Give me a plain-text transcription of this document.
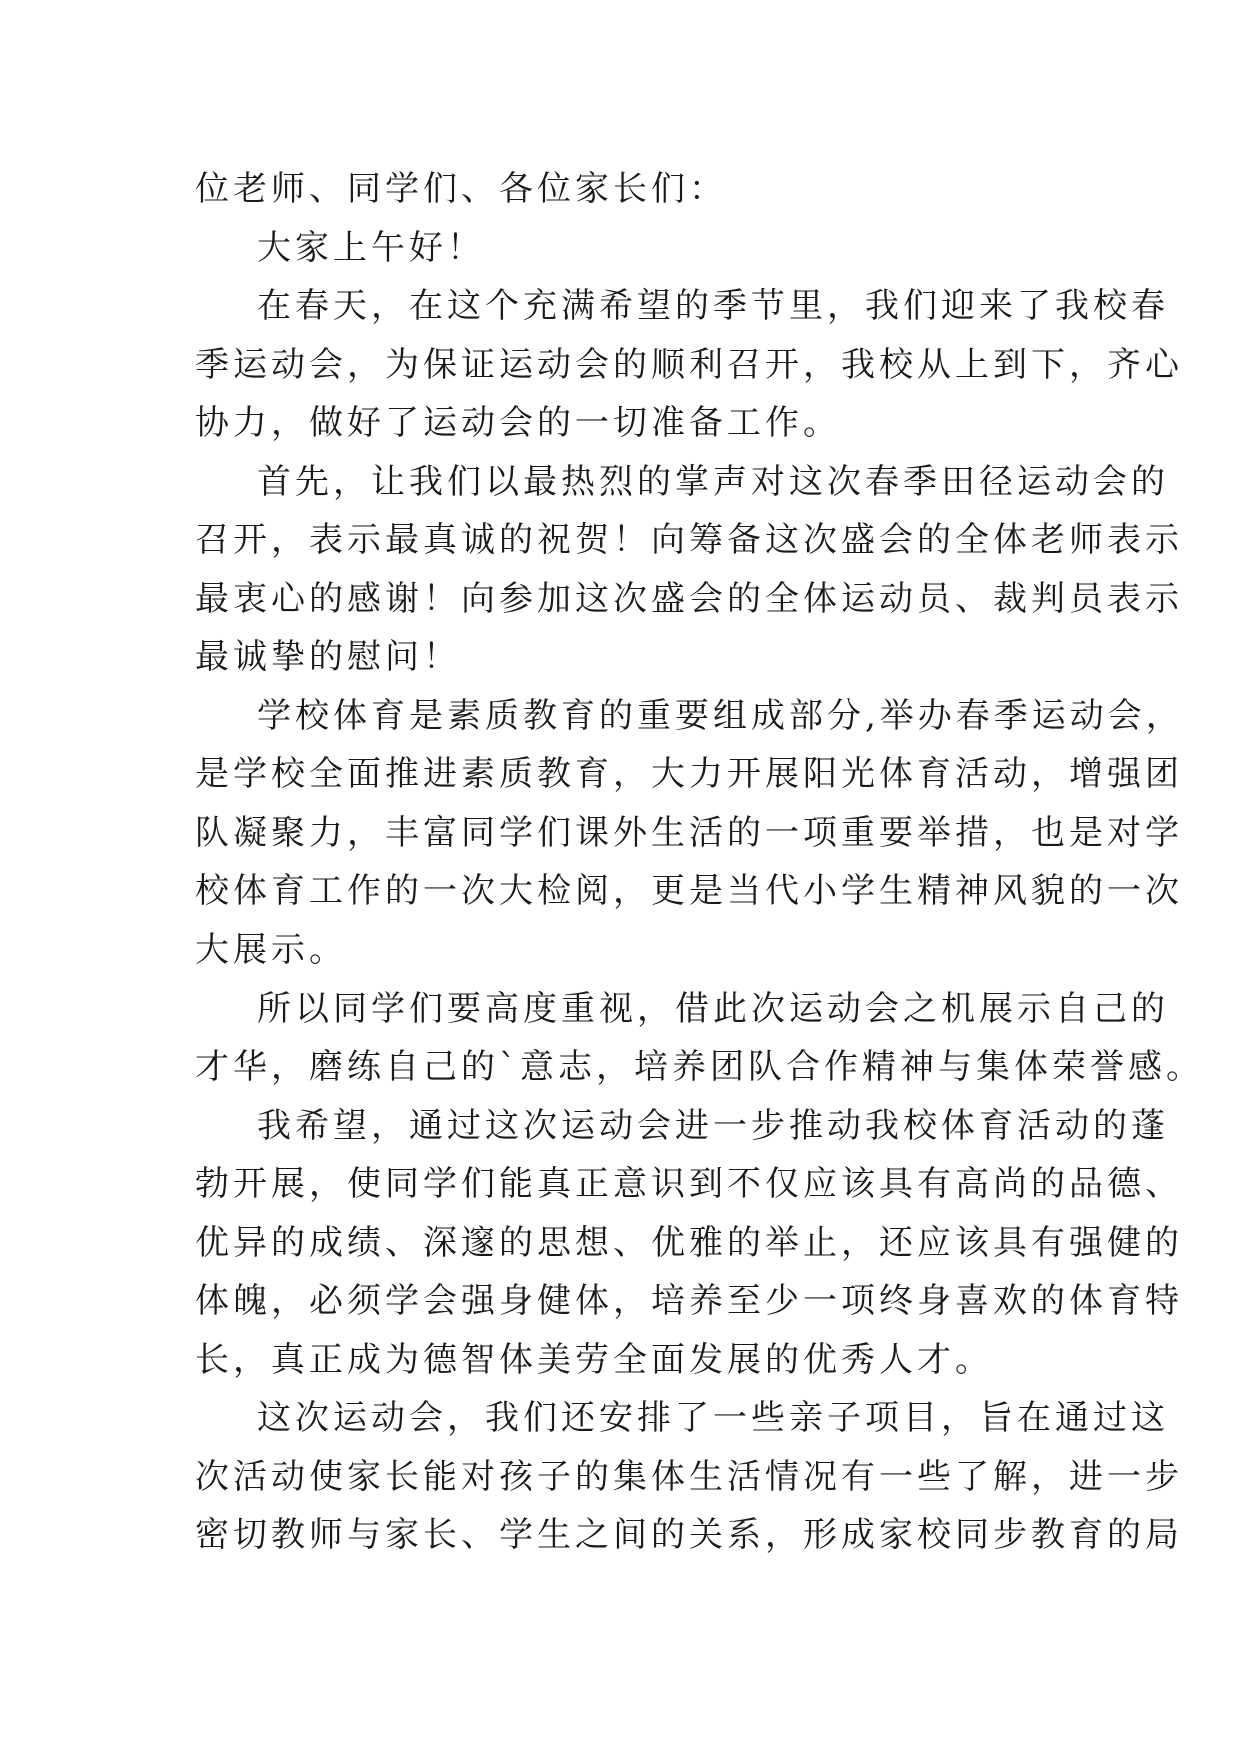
位老师、同学们、各位家长们：
大家上午好！
在春天，在这个充满希望的季节里，我们迎来了我校春
季运动会，为保证运动会的顺利召开，我校从上到下，齐心
协力，做好了运动会的一切准备工作。
首先，让我们以最热烈的掌声对这次春季田径运动会的
召开，表示最真诚的祝贺！向筹备这次盛会的全体老师表示
最衷心的感谢！向参加这次盛会的全体运动员、裁判员表示
最诚挚的慰问！
学校体育是素质教育的重要组成部分,举办春季运动会，
是学校全面推进素质教育，大力开展阳光体育活动，增强团
队凝聚力，丰富同学们课外生活的一项重要举措，也是对学
校体育工作的一次大检阅，更是当代小学生精神风貌的一次
大展示。
所以同学们要高度重视，借此次运动会之机展示自己的
才华，磨练自己的`意志，培养团队合作精神与集体荣誉感。
我希望，通过这次运动会进一步推动我校体育活动的蓬
勃开展，使同学们能真正意识到不仅应该具有高尚的品德、
优异的成绩、深邃的思想、优雅的举止，还应该具有强健的
体魄，必须学会强身健体，培养至少一项终身喜欢的体育特
长，真正成为德智体美劳全面发展的优秀人才。
这次运动会，我们还安排了一些亲子项目，旨在通过这
次活动使家长能对孩子的集体生活情况有一些了解，进一步
密切教师与家长、学生之间的关系，形成家校同步教育的局
